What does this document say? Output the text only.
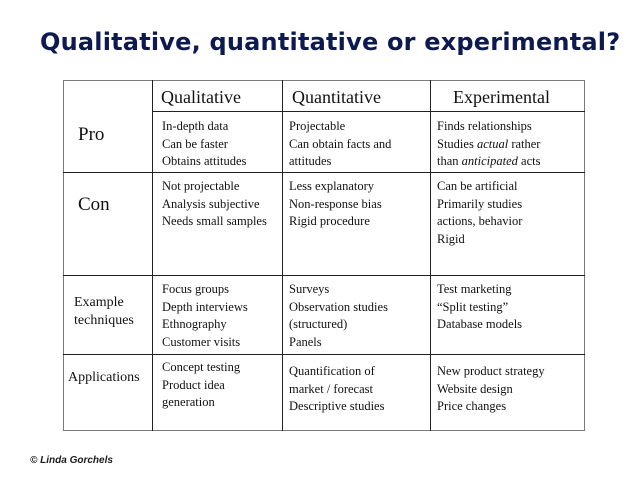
Qualitative, quantitative or experimental?
Qualitative	Quantitative	Experimental
Pro
Con
Example
techniques
Applications
In-depth data
Can be faster
Obtains attitudes
Projectable
Can obtain facts and
attitudes
Finds relationships
Studies actual rather
than anticipated acts
Not projectable
Analysis subjective
Needs small samples
Less explanatory
Non-response bias
Rigid procedure
Can be artificial
Primarily studies
actions, behavior
Rigid
Focus groups
Depth interviews
Ethnography
Customer visits
Surveys
Observation studies
(structured)
Panels
Test marketing
“Split testing”
Database models
Concept testing
Product idea
generation
Quantification of
market / forecast
Descriptive studies
New product strategy
Website design
Price changes
© Linda Gorchels
